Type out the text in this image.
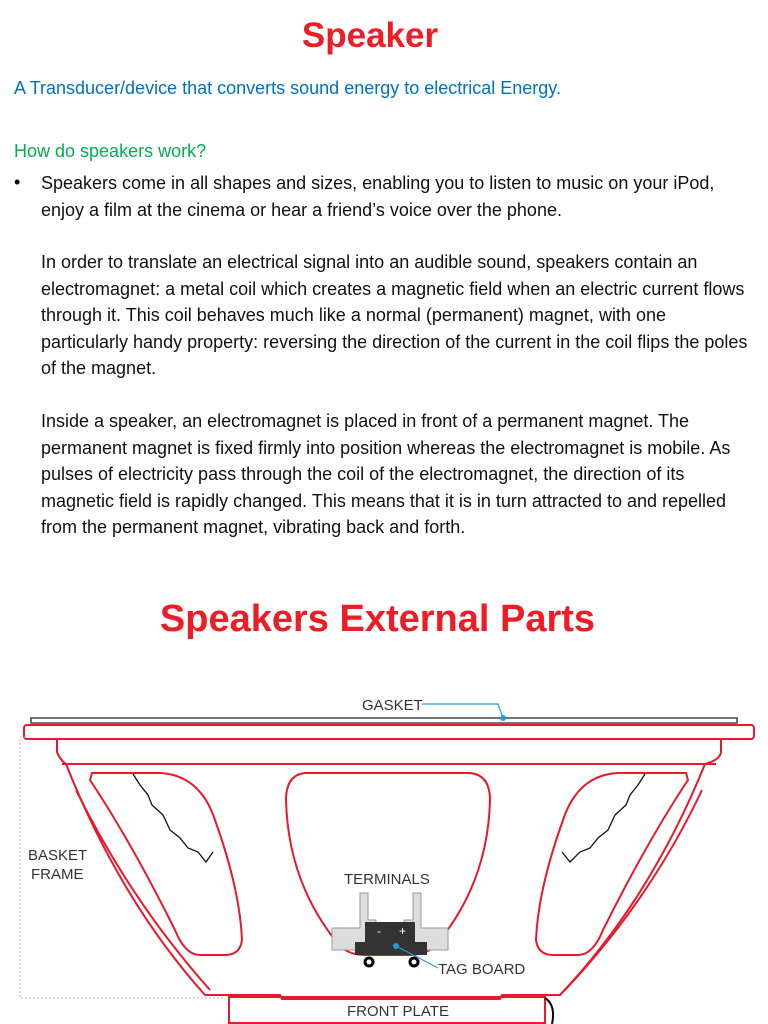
Speaker
A Transducer/device that converts sound energy to electrical Energy.
How do speakers work?
• Speakers come in all shapes and sizes, enabling you to listen to music on your iPod, enjoy a film at the cinema or hear a friend’s voice over the phone.

In order to translate an electrical signal into an audible sound, speakers contain an electromagnet: a metal coil which creates a magnetic field when an electric current flows through it. This coil behaves much like a normal (permanent) magnet, with one particularly handy property: reversing the direction of the current in the coil flips the poles of the magnet.

Inside a speaker, an electromagnet is placed in front of a permanent magnet. The permanent magnet is fixed firmly into position whereas the electromagnet is mobile. As pulses of electricity pass through the coil of the electromagnet, the direction of its magnetic field is rapidly changed. This means that it is in turn attracted to and repelled from the permanent magnet, vibrating back and forth.

Speakers External Parts
- +
GASKET
BASKET
FRAME	TERMINALS
TAG BOARD
FRONT PLATE
